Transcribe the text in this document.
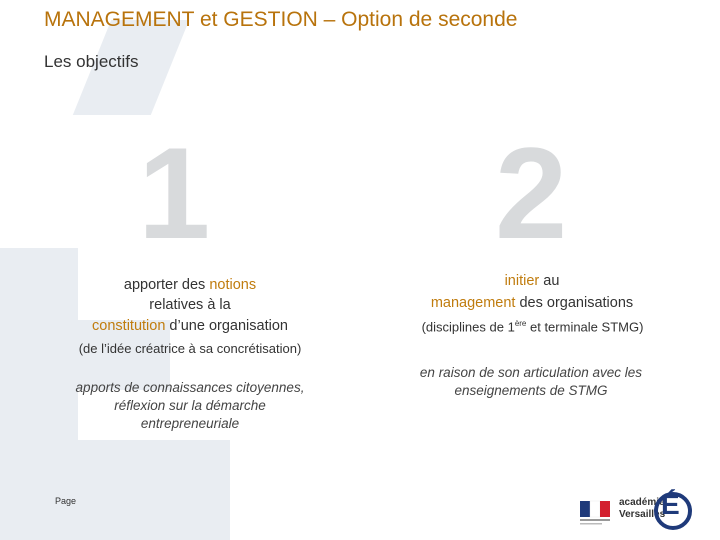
MANAGEMENT et GESTION – Option de seconde
Les objectifs
1 2
apporter des notions
relatives à la
constitution d’une organisation
(de l’idée créatrice à sa concrétisation)
apports de connaissances citoyennes,
réflexion sur la démarche
entrepreneuriale
initier au
management des organisations
(disciplines de 1ère et terminale STMG)
en raison de son articulation avec les
enseignements de STMG
Page	académie
Versailles
É
